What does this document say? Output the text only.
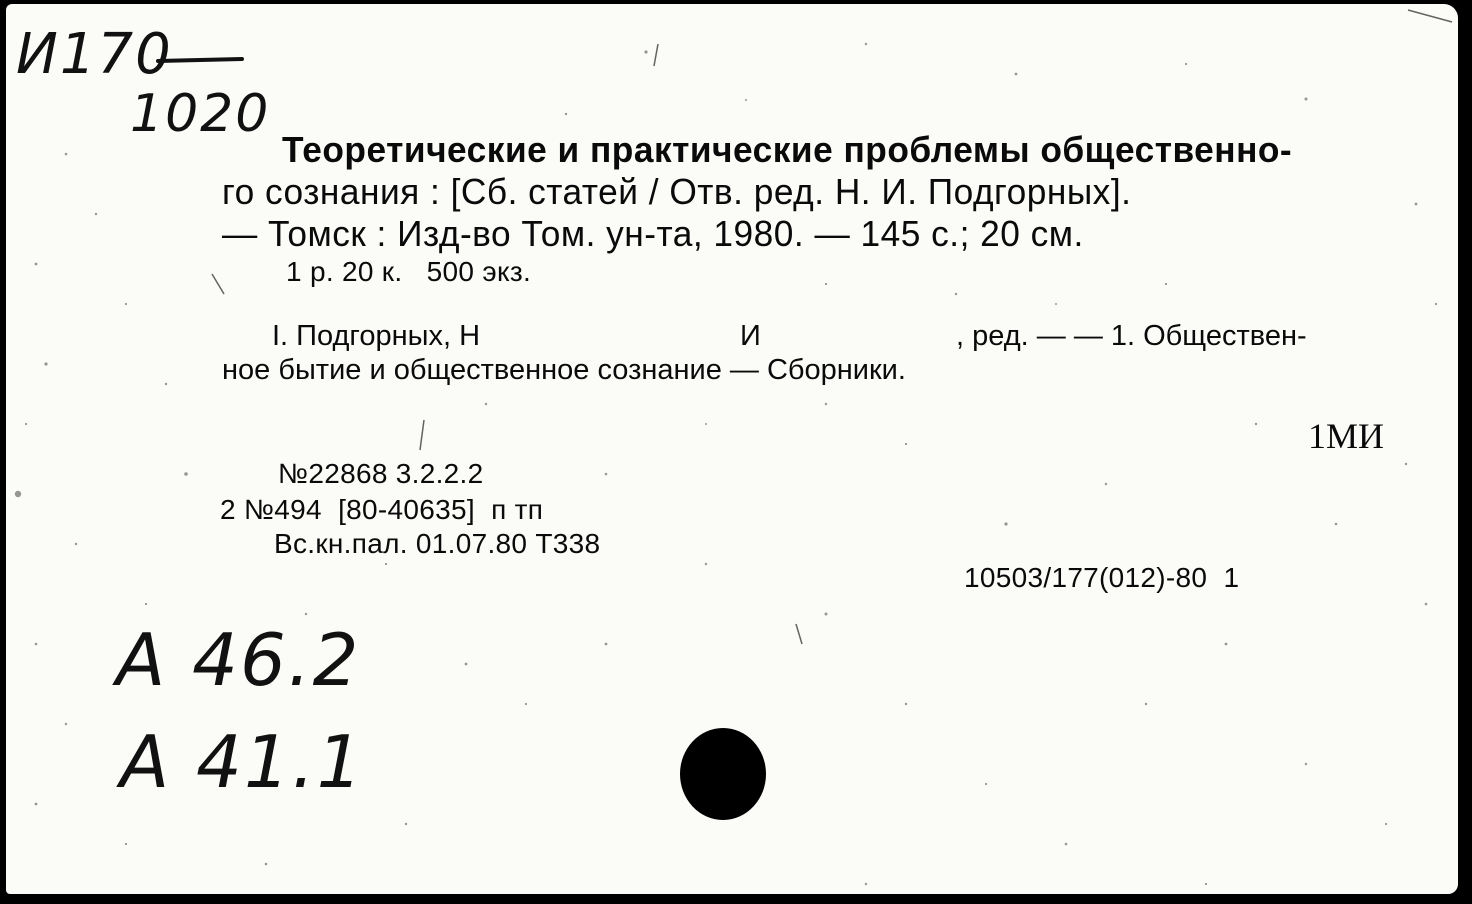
И170
1020

Теоретические и практические проблемы общественно-

го сознания : [Сб. статей / Отв. ред. Н. И. Подгорных].

— Томск : Изд-во Том. ун-та, 1980. — 145 с.; 20 см.

1 р. 20 к.   500 экз.

I. Подгорных, Н	И	, ред. — — 1. Обществен-

ное бытие и общественное сознание — Сборники.

1МИ

№22868 3.2.2.2

2 №494  [80-40635]  п тп

Вс.кн.пал. 01.07.80 Т338

10503/177(012)-80  1

А 46.2
А 41.1
